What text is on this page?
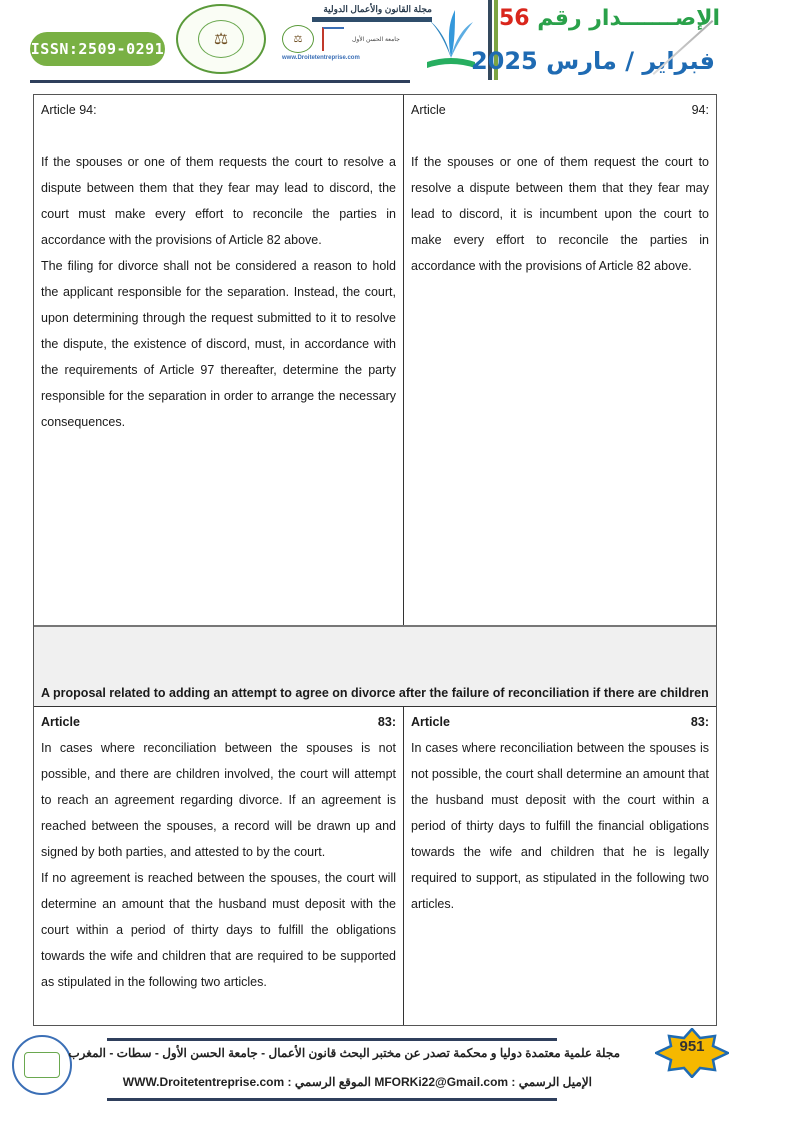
ISSN:2509-0291
⚖
مجلة القانون والأعمال الدولية
⚖	جامعة الحسن الأول
www.Droitetentreprise.com
الإصـــــــدار رقم 56
فبراير / مارس 2025
Article 94:

If the spouses or one of them requests the court to resolve a dispute between them that they fear may lead to discord, the court must make every effort to reconcile the parties in accordance with the provisions of Article 82 above.

The filing for divorce shall not be considered a reason to hold the applicant responsible for the separation. Instead, the court, upon determining through the request submitted to it to resolve the dispute, the existence of discord, must, in accordance with the requirements of Article 97 thereafter, determine the party responsible for the separation in order to arrange the necessary consequences.

Article	94:

If the spouses or one of them request the court to resolve a dispute between them that they fear may lead to discord, it is incumbent upon the court to make every effort to reconcile the parties in accordance with the provisions of Article 82 above.

A proposal related to adding an attempt to agree on divorce after the failure of reconciliation if there are children
Article	83:

In cases where reconciliation between the spouses is not possible, and there are children involved, the court will attempt to reach an agreement regarding divorce. If an agreement is reached between the spouses, a record will be drawn up and signed by both parties, and attested to by the court.

If no agreement is reached between the spouses, the court will determine an amount that the husband must deposit with the court within a period of thirty days to fulfill the obligations towards the wife and children that are required to be supported as stipulated in the following two articles.

Article	83:

In cases where reconciliation between the spouses is not possible, the court shall determine an amount that the husband must deposit with the court within a period of thirty days to fulfill the financial obligations towards the wife and children that he is legally required to support, as stipulated in the following two articles.

مجلة علمية معتمدة دوليا و محكمة تصدر عن مختبر البحث قانون الأعمال - جامعة الحسن الأول - سطات - المغرب
الإميل الرسمي : MFORKi22@Gmail.com الموقع الرسمي : WWW.Droitetentreprise.com
951
